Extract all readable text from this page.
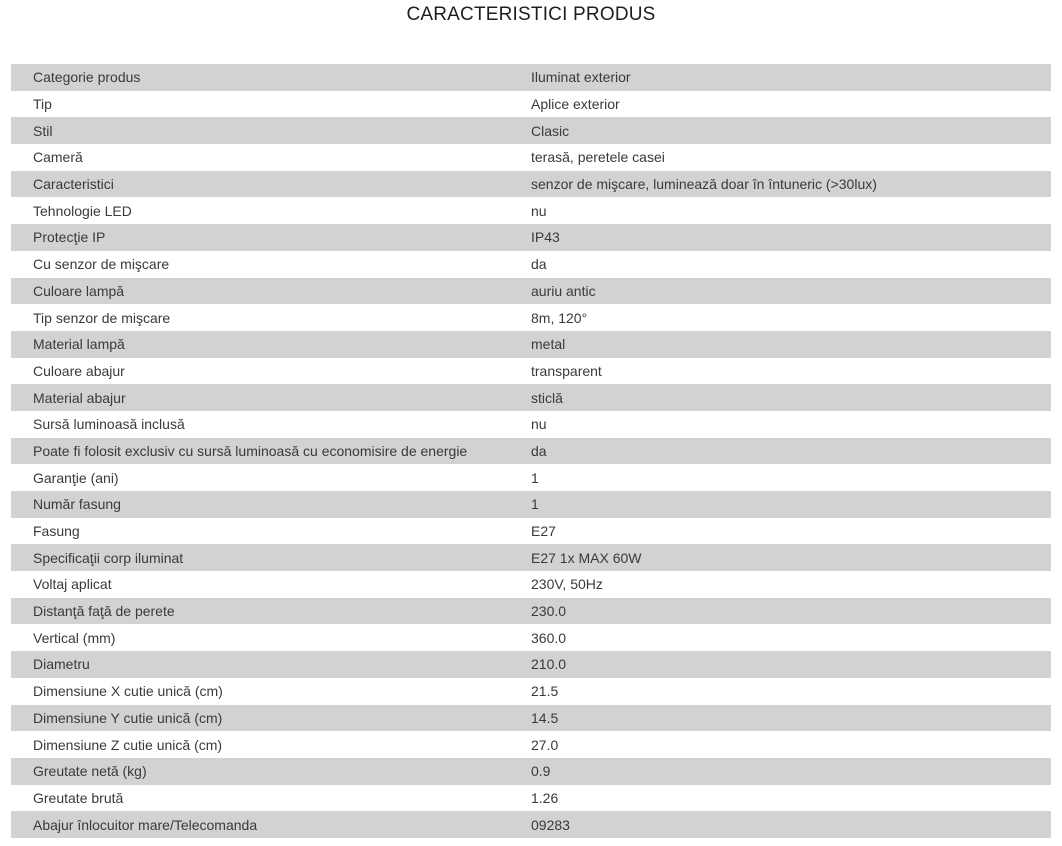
CARACTERISTICI PRODUS
Categorie produs	Iluminat exterior
Tip	Aplice exterior
Stil	Clasic
Cameră	terasă, peretele casei
Caracteristici	senzor de mişcare, luminează doar în întuneric (>30lux)
Tehnologie LED	nu
Protecţie IP	IP43
Cu senzor de mişcare	da
Culoare lampă	auriu antic
Tip senzor de mişcare	8m, 120°
Material lampă	metal
Culoare abajur	transparent
Material abajur	sticlă
Sursă luminoasă inclusă	nu
Poate fi folosit exclusiv cu sursă luminoasă cu economisire de energie	da
Garanţie (ani)	1
Număr fasung	1
Fasung	E27
Specificaţii corp iluminat	E27 1x MAX 60W
Voltaj aplicat	230V, 50Hz
Distanţă faţă de perete	230.0
Vertical (mm)	360.0
Diametru	210.0
Dimensiune X cutie unică (cm)	21.5
Dimensiune Y cutie unică (cm)	14.5
Dimensiune Z cutie unică (cm)	27.0
Greutate netă (kg)	0.9
Greutate brută	1.26
Abajur înlocuitor mare/Telecomanda	09283
